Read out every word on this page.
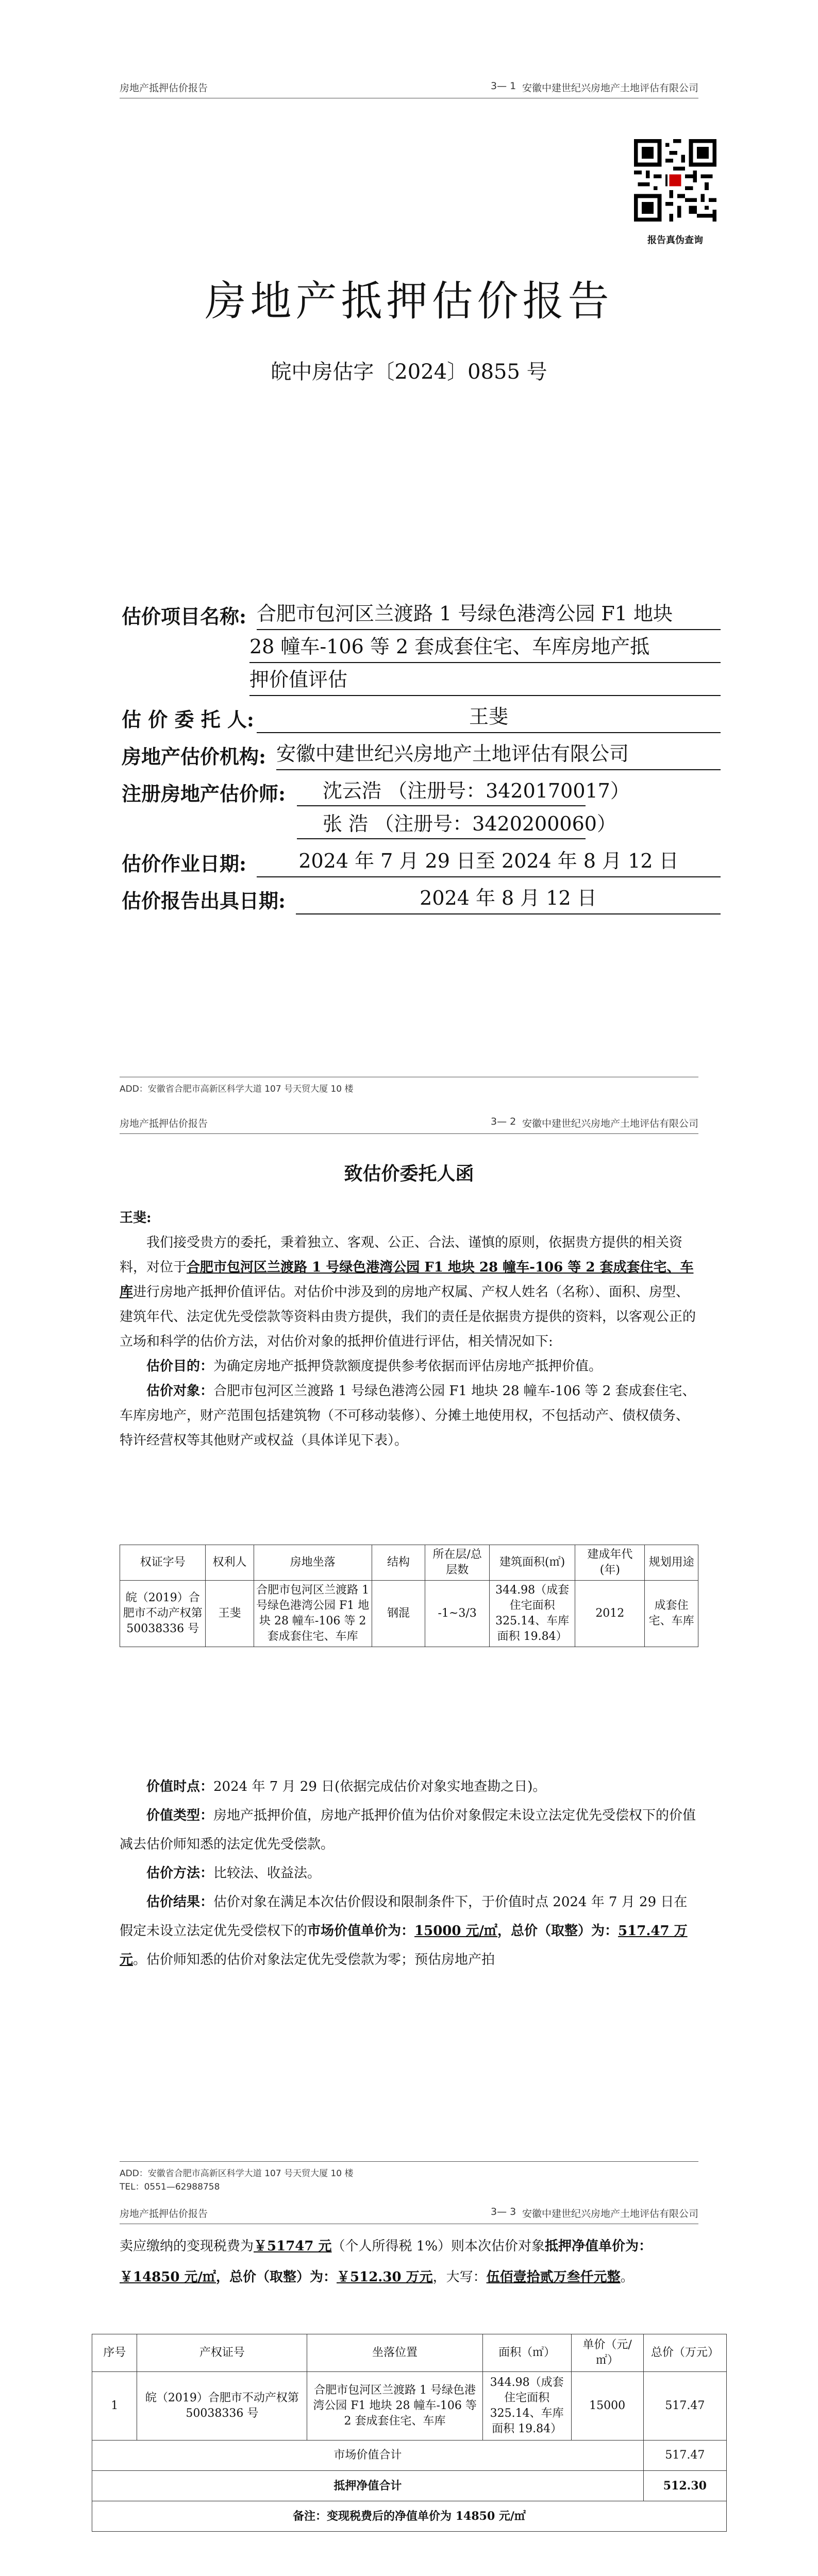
房地产抵押估价报告	3— 1 安徽中建世纪兴房地产土地评估有限公司
报告真伪查询
房地产抵押估价报告
皖中房估字〔2024〕0855 号
估价项目名称: 合肥市包河区兰渡路 1 号绿色港湾公园 F1 地块
28 幢车-106 等 2 套成套住宅、车库房地产抵
押价值评估
估 价 委 托 人:	王斐
房地产估价机构: 安徽中建世纪兴房地产土地评估有限公司
注册房地产估价师:	沈云浩 （注册号：3420170017）
张 浩 （注册号：3420200060）
估价作业日期:	2024 年 7 月 29 日至 2024 年 8 月 12 日
估价报告出具日期:	2024 年 8 月 12 日
ADD：安徽省合肥市高新区科学大道 107 号天贸大厦 10 楼
房地产抵押估价报告	3— 2 安徽中建世纪兴房地产土地评估有限公司
致估价委托人函
王斐:
我们接受贵方的委托，秉着独立、客观、公正、合法、谨慎的原则，依据贵方提供的相关资料，对位于合肥市包河区兰渡路 1 号绿色港湾公园 F1 地块 28 幢车-106 等 2 套成套住宅、车库进行房地产抵押价值评估。对估价中涉及到的房地产权属、产权人姓名（名称）、面积、房型、建筑年代、法定优先受偿款等资料由贵方提供，我们的责任是依据贵方提供的资料，以客观公正的立场和科学的估价方法，对估价对象的抵押价值进行评估，相关情况如下:
估价目的：为确定房地产抵押贷款额度提供参考依据而评估房地产抵押价值。
估价对象：合肥市包河区兰渡路 1 号绿色港湾公园 F1 地块 28 幢车-106 等 2 套成套住宅、车库房地产，财产范围包括建筑物（不可移动装修）、分摊土地使用权，不包括动产、债权债务、特许经营权等其他财产或权益（具体详见下表）。
权证字号	权利人	房地坐落	结构	所在层/总层数	建筑面积(㎡)	建成年代(年)	规划用途
皖（2019）合肥市不动产权第 50038336 号	王斐	合肥市包河区兰渡路 1 号绿色港湾公园 F1 地块 28 幢车-106 等 2 套成套住宅、车库	钢混	-1~3/3	344.98（成套住宅面积 325.14、车库面积 19.84）	2012	成套住宅、车库
价值时点：2024 年 7 月 29 日(依据完成估价对象实地查勘之日)。
价值类型：房地产抵押价值，房地产抵押价值为估价对象假定未设立法定优先受偿权下的价值减去估价师知悉的法定优先受偿款。
估价方法：比较法、收益法。
估价结果：估价对象在满足本次估价假设和限制条件下，于价值时点 2024 年 7 月 29 日在假定未设立法定优先受偿权下的市场价值单价为：15000 元/㎡，总价（取整）为：517.47 万元。估价师知悉的估价对象法定优先受偿款为零；预估房地产拍
ADD：安徽省合肥市高新区科学大道 107 号天贸大厦 10 楼
TEL：0551—62988758
房地产抵押估价报告	3— 3 安徽中建世纪兴房地产土地评估有限公司
卖应缴纳的变现税费为￥51747 元（个人所得税 1%）则本次估价对象抵押净值单价为：￥14850 元/㎡，总价（取整）为：￥512.30 万元，大写：伍佰壹拾贰万叁仟元整。
序号	产权证号	坐落位置	面积（㎡）	单价（元/㎡）	总价（万元）
1	皖（2019）合肥市不动产权第 50038336 号	合肥市包河区兰渡路 1 号绿色港湾公园 F1 地块 28 幢车-106 等 2 套成套住宅、车库	344.98（成套住宅面积 325.14、车库面积 19.84）	15000	517.47
市场价值合计					517.47
抵押净值合计					512.30
备注：变现税费后的净值单价为 14850 元/㎡					
